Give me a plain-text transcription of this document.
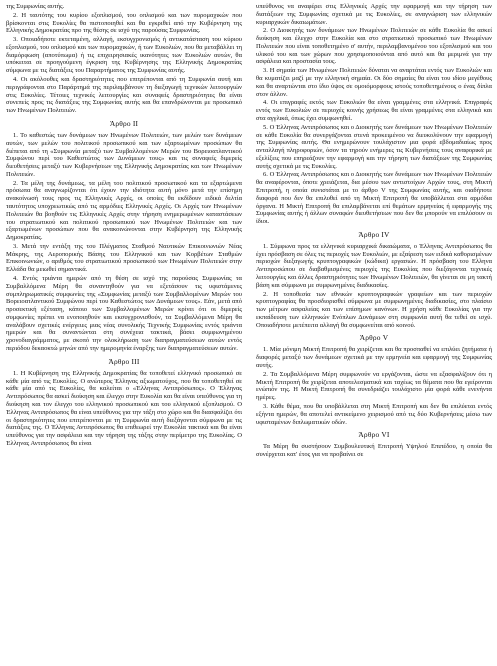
της Συμφωνίας αυτής.

2. Η ταυτότης του κυρίου εξοπλισμού, του οπλισμού και των πυρομαχικών που βρίσκονται στις Ευκολίες θα πιστοποιηθεί και θα εγκριθεί από την Κυβέρνηση της Ελληνικής Δημοκρατίας προ της θέσης σε ισχύ της παρούσας Συμφωνίας.

3. Οποιαδήποτε εκτεταμένη, αλλαγή, εκσυγχρονισμός ή αντικατάσταση του κύριου εξοπλισμού, του οπλισμού και των πυρομαχικών, ή των Ευκολιών, που θα μεταβάλλει τη διαμόρφωση (αποτύπωμα) ή τις επιχειρησιακές ικανότητες των Ευκολιών αυτών, θα υπόκειται σε προηγούμενη έγκριση της Κυβέρνησης της Ελληνικής Δημοκρατίας σύμφωνα με τις διατάξεις του Παραρτήματος της Συμφωνίας αυτής.

4. Οι ακόλουθες και δραστηριότητες που επιτρέπονται από τη Συμφωνία αυτή και περιγράφονται στο Παράρτημά της περιλαμβάνουν τη διεξαγωγή τεχνικών λειτουργιών στις Ευκολίες. Τέτοιες τεχνικές λειτουργίες και συναφείς δραστηριότητες θα είναι συνεπείς προς τις διατάξεις της Συμφωνίας αυτής και θα επανδρώνονται με προσωπικό των Ηνωμένων Πολιτειών.

Άρθρο ΙΙ

1. Το καθεστώς των δυνάμεων των Ηνωμένων Πολιτειών, των μελών των δυνάμεων αυτών, των μελών του πολιτικού προσωπικού και των εξαρτωμένων προσώπων θα διέπεται από τη «Συμφωνία μεταξύ των Συμβαλλομένων Μερών του Βορειοατλαντικού Συμφώνου περί του Καθεστώτος των Δυνάμεων τους» και τις συναφείς διμερείς διευθετήσεις μεταξύ των Κυβερνήσεων της Ελληνικής Δημοκρατίας και των Ηνωμένων Πολιτειών.

2. Τα μέλη της δυνάμεως, τα μέλη του πολιτικού προσωπικού και τα εξαρτώμενα πρόσωπα θα αναγνωρίζονται ότι έχουν την ιδιότητα αυτή μόνο μετά την επίσημη ανακοίνωσή τους προς τις Ελληνικές Αρχές, οι οποίες θα εκδίδουν ειδικά δελτία ταυτότητος υποχρεωτικώς από τις αρμόδιες Ελληνικές Αρχές. Οι Αρχές των Ηνωμένων Πολιτειών θα βοηθούν τις Ελληνικές Αρχές στην τήρηση ενημερωμένων καταστάσεων του στρατιωτικού και πολιτικού προσωπικού των Ηνωμένων Πολιτειών και των εξαρτωμένων προσώπων που θα ανακοινώνονται στην Κυβέρνηση της Ελληνικής Δημοκρατίας.

3. Μετά την εντάξη της του Πλέγματος Σταθμού Ναυτικών Επικοινωνιών Νέας Μάκρης, της Αεροπορικής Βάσης του Ελληνικού και των Κορβέτων Σταθμών Επικοινωνιών, ο αριθμός του στρατιωτικού προσωπικού των Ηνωμένων Πολιτειών στην Ελλάδα θα μειωθεί σημαντικά.

4. Εντός τριάντα ημερών από τη θέση σε ισχύ της παρούσας Συμφωνίας τα Συμβαλλόμενα Μέρη θα συναντηθούν για να εξετάσουν τις υφιστάμενες συμπληρωματικές συμφωνίες της «Συμφωνίας μεταξύ των Συμβαλλομένων Μερών του Βορειοατλαντικού Συμφώνου περί του Καθεστώτος των Δυνάμεων τους». Εάν, μετά από προσεκτική εξέταση, κάποιο των Συμβαλλομένων Μερών κρίνει ότι οι διμερείς συμφωνίες πρέπει να ενοποιηθούν και εκσυγχρονισθούν, τα Συμβαλλόμενα Μέρη θα αναλάβουν σχετικές ενέργειες μιας νέας συνολικής Τεχνικής Συμφωνίας εντός τριάντα ημερών και θα συναντώνται στη συνέχεια τακτικά, βάσει συμφωνημένου χρονοδιαγράμματος, με σκοπό την ολοκλήρωση των διαπραγματεύσεων αυτών εντός περιόδου δεκαοκτώ μηνών από την ημερομηνία έναρξης των διαπραγματεύσεων αυτών.

Άρθρο ΙΙΙ

1. Η Κυβέρνηση της Ελληνικής Δημοκρατίας θα τοποθετεί ελληνικό προσωπικό σε κάθε μία από τις Ευκολίες. Ο ανώτερος Έλληνας αξιωματούχος, που θα τοποθετηθεί σε κάθε μία από τις Ευκολίες, θα καλείται ο «Έλληνας Αντιπρόσωπος». Ο Έλληνας Αντιπρόσωπος θα ασκεί διοίκηση και έλεγχο στην Ευκολία και θα είναι υπεύθυνος για τη διοίκηση και τον έλεγχο του ελληνικού προσωπικού και του ελληνικού εξοπλισμού. Ο Έλληνας Αντιπρόσωπος θα είναι υπεύθυνος για την τάξη στο χώρο και θα διασφαλίζει ότι οι δραστηριότητες που επιτρέπονται με τη Συμφωνία αυτή διεξάγονται σύμφωνα με τις διατάξεις της. Ο Έλληνας Αντιπρόσωπος θα επιθεωρεί την Ευκολία τακτικά και θα είναι υπεύθυνος για την ασφάλεια και την τήρηση της τάξης στην περίμετρο της Ευκολίας. Ο Έλληνας Αντιπρόσωπος θα είναι

υπεύθυνος να αναφέρει στις Ελληνικές Αρχές την εφαρμογή και την τήρηση των διατάξεων της Συμφωνίας σχετικά με τις Ευκολίες, σε αναγνώριση των ελληνικών κυριαρχικών δικαιωμάτων.

2. Ο Διοικητής των δυνάμεων των Ηνωμένων Πολιτειών σε κάθε Ευκολία θα ασκεί διοίκηση και έλεγχο στην Ευκολία και στο στρατιωτικό προσωπικό των Ηνωμένων Πολιτειών που είναι τοποθετημένο σ' αυτήν, περιλαμβανομένου του εξοπλισμού και του υλικού του και των χώρων που χρησιμοποιούνται από αυτό και θα μεριμνά για την ασφάλεια και προστασία τους.

3. Η σημαία των Ηνωμένων Πολιτειών δύναται να αναρτάται εντός των Ευκολιών και θα κυματίζει μαζί με την ελληνική σημαία. Οι δύο σημαίες θα είναι του ιδίου μεγέθους και θα αναρτώνται στο ίδιο ύψος σε ομοιόμορφους ιστούς τοποθετημένους ο ένας δίπλα στον άλλον.

4. Οι επιγραφές εκτός των Ευκολιών θα είναι γραμμένες στα ελληνικά. Επιγραφές εντός των Ευκολιών σε περιοχές κοινής χρήσεως θα είναι γραμμένες στα ελληνικά και στα αγγλικά, όπως έχει συμφωνηθεί.

5. Ο Έλληνας Αντιπρόσωπος και ο Διοικητής των δυνάμεων των Ηνωμένων Πολιτειών σε κάθε Ευκολία θα συνεργάζονται στενά προκειμένου να διευκολύνουν την εφαρμογή της Συμφωνίας αυτής. Θα ενημερώνουν τουλάχιστον μια φορά εβδομαδιαίως προς ανταλλαγή πληροφοριών, όσον τα τηρούν ενήμερες τις Κυβερνήσεις τους αναφορικά με εξελίξεις που επηρεάζουν την εφαρμογή και την τήρηση των διατάξεων της Συμφωνίας αυτής σχετικά με τις Ευκολίες.

6. Ο Έλληνας Αντιπρόσωπος και ο Διοικητής των δυνάμεων των Ηνωμένων Πολιτειών θα αναφέρονται, όποτε χρειάζεται, δια μέσου των αντιστοίχων Αρχών τους, στη Μικτή Επιτροπή, η οποία συνιστάται με το άρθρο V της Συμφωνίας αυτής, και οιαδήποτε διαφορά που δεν θα επιλυθεί από τη Μικτή Επιτροπή θα υποβάλλεται στα αρμόδια όργανα. Η Μικτή Επιτροπή θα επιλαμβάνεται επί θεμάτων ερμηνείας ή εφαρμογής της Συμφωνίας αυτής ή άλλων συναφών διευθετήσεων που δεν θα μπορούν να επιλύσουν οι ίδιοι.

Άρθρο IV

1. Σύμφωνα προς τα ελληνικά κυριαρχικά δικαιώματα, ο Έλληνας Αντιπρόσωπος θα έχει πρόσβαση σε όλες τις περιοχές των Ευκολιών, με εξαίρεση των ειδικά καθορισμένων περιοχών διεξαγωγής κρυπτογραφικών (κώδικα) εργασιών. Η πρόσβαση του Ελληνα Αντιπροσώπου σε διαβαθμισμένες περιοχές της Ευκολίας που διεξάγονται τεχνικές λειτουργίες και άλλες δραστηριότητες των Ηνωμένων Πολιτειών, θα γίνεται σε μη τακτή βάση και σύμφωνα με συμφωνημένες διαδικασίες.

2. Η τοποθεσία των εθνικών κρυπτογραφικών γραφείων και των περιοχών κρυπτογραφίας θα προσδιορισθεί σύμφωνα με συμφωνημένες διαδικασίες, στο πλαίσιο των μέτρων ασφαλείας και των επίσημων κανόνων. Η χρήση κάθε Ευκολίας για την εκπαίδευση των ελληνικών Ενόπλων Δυνάμεων στη συμφωνία αυτή θα τεθεί σε ισχύ. Οποιαδήποτε μετέπειτα αλλαγή θα συμφωνείται από κοινού.

Άρθρο V

1. Μία μόνιμη Μικτή Επιτροπή θα χειρίζεται και θα προσπαθεί να επιλύει ζητήματα ή διαφορές μεταξύ των δυνάμεων σχετικά με την ερμηνεία και εφαρμογή της Συμφωνίας αυτής.

2. Τα Συμβαλλόμενα Μέρη συμφωνούν να εργάζονται, ώστε να εξασφαλίζουν ότι η Μικτή Επιτροπή θα χειρίζεται αποτελεσματικά και ταχέως τα θέματα που θα εγείρονται ενώπιόν της. Η Μικτή Επιτροπή θα συνεδριάζει τουλάχιστο μία φορά κάθε ενενήντα ημέρες.

3. Κάθε θέμα, που θα υποβάλλεται στη Μικτή Επιτροπή και δεν θα επιλύεται εντός εξήντα ημερών, θα αποτελεί αντικείμενο χειρισμού από τις δύο Κυβερνήσεις μέσω των υφισταμένων διπλωματικών οδών.

Άρθρο VI

Τα Μέρη θα συστήσουν Συμβουλευτική Επιτροπή Υψηλού Επιπέδου, η οποία θα συνέρχεται κατ' έτος για να προβαίνει σε
